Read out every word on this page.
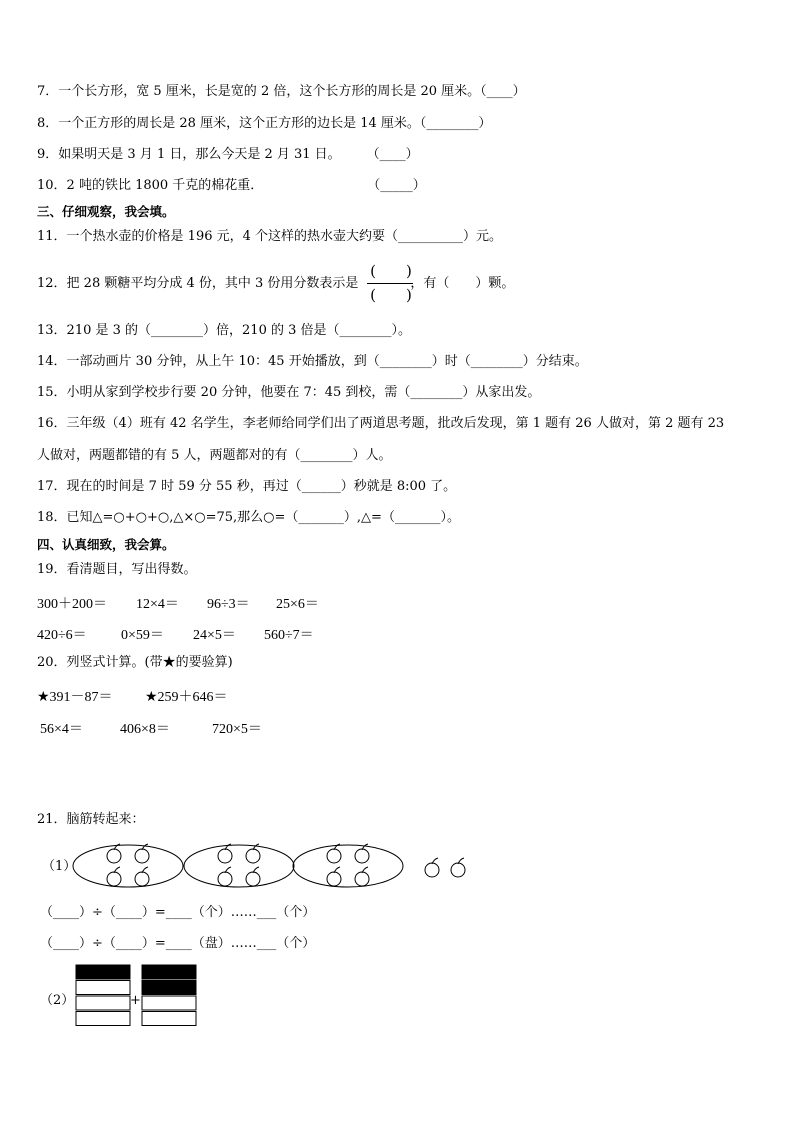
7．一个长方形，宽 5 厘米，长是宽的 2 倍，这个长方形的周长是 20 厘米。（____）
8．一个正方形的周长是 28 厘米，这个正方形的边长是 14 厘米。（________）
9．如果明天是 3 月 1 日，那么今天是 2 月 31 日。　　　（____）
10．2 吨的铁比 1800 千克的棉花重．　　　　　　　　　（_____）
三、仔细观察，我会填。
11．一个热水壶的价格是 196 元，4 个这样的热水壶大约要（__________）元。
12．把 28 颗糖平均分成 4 份，其中 3 份用分数表示是	，有（　　）颗。
(　　)
(　　)
13．210 是 3 的（________）倍，210 的 3 倍是（________）。
14．一部动画片 30 分钟，从上午 10：45 开始播放，到（________）时（________）分结束。
15．小明从家到学校步行要 20 分钟，他要在 7：45 到校，需（________）从家出发。
16．三年级（4）班有 42 名学生，李老师给同学们出了两道思考题，批改后发现，第 1 题有 26 人做对，第 2 题有 23
人做对，两题都错的有 5 人，两题都对的有（________）人。
17．现在的时间是 7 时 59 分 55 秒，再过（______）秒就是 8:00 了。
18．已知△=○+○+○,△×○=75,那么○=（_______）,△=（_______）。
四、认真细致，我会算。
19．看清题目，写出得数。
300＋200＝ 12×4＝ 96÷3＝ 25×6＝
420÷6＝ 0×59＝ 24×5＝ 560÷7＝
20．列竖式计算。(带★的要验算)
★391－87＝ ★259＋646＝
56×4＝	406×8＝	720×5＝
21．脑筋转起来：
（1）
（____）÷（____）=____（个）……___（个）
（____）÷（____）=____（盘）……___（个）
（2）	+
